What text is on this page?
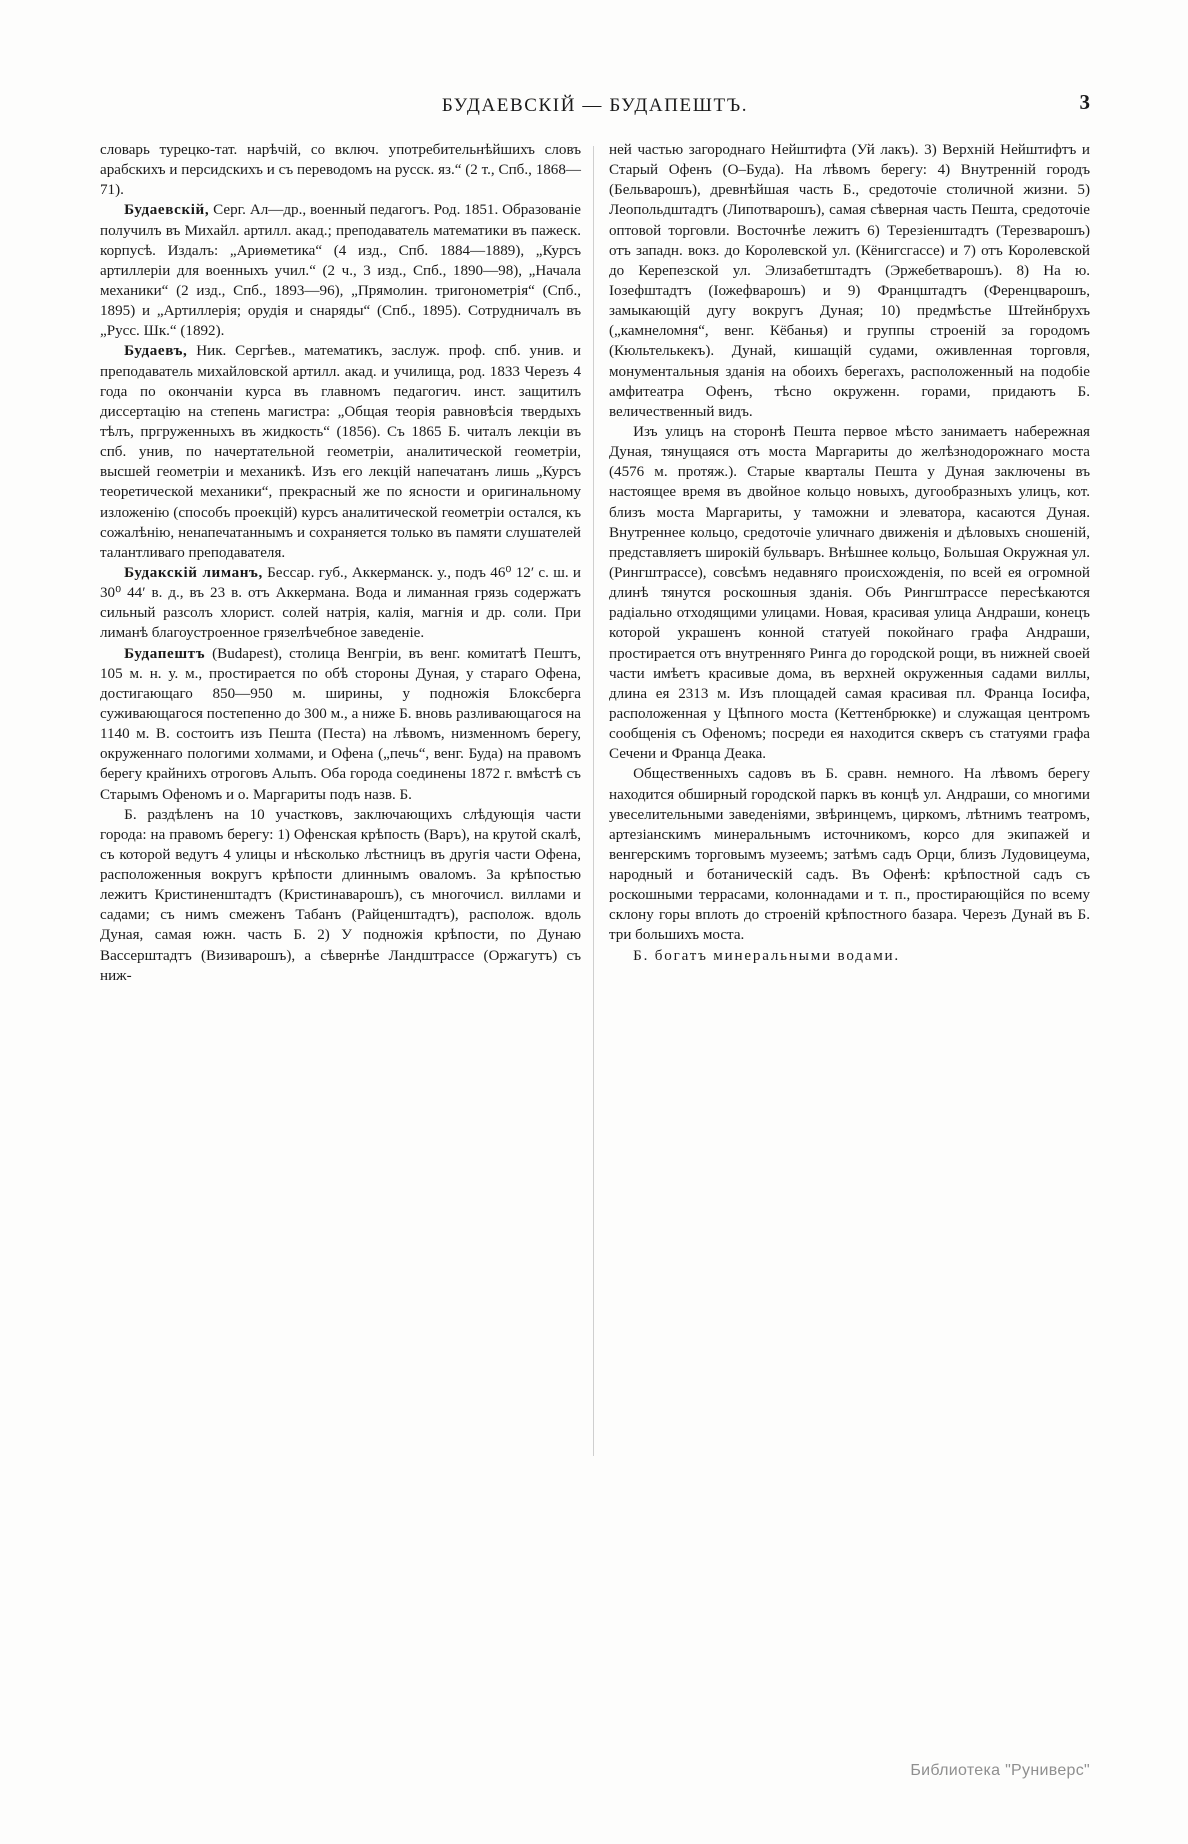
БУДАЕВСКІЙ — БУДАПЕШТЪ.	3

словарь турецко-тат. нарѣчій, со включ. употребительнѣйшихъ словъ арабскихъ и персидскихъ и съ переводомъ на русск. яз.“ (2 т., Спб., 1868—71).

Будаевскій, Серг. Ал—др., военный педагогъ. Род. 1851. Образованіе получилъ въ Михайл. артилл. акад.; преподаватель математики въ пажеск. корпусѣ. Издалъ: „Ариѳметика“ (4 изд., Спб. 1884—1889), „Курсъ артиллеріи для военныхъ учил.“ (2 ч., 3 изд., Спб., 1890—98), „Начала механики“ (2 изд., Спб., 1893—96), „Прямолин. тригонометрія“ (Спб., 1895) и „Артиллерія; орудія и снаряды“ (Спб., 1895). Сотрудничалъ въ „Русс. Шк.“ (1892).

Будаевъ, Ник. Сергѣев., математикъ, заслуж. проф. спб. унив. и преподаватель михайловской артилл. акад. и училища, род. 1833 Черезъ 4 года по окончаніи курса въ главномъ педагогич. инст. защитилъ диссертацію на степень магистра: „Общая теорія равновѣсія твердыхъ тѣлъ, пргруженныхъ въ жидкость“ (1856). Съ 1865 Б. читалъ лекціи въ спб. унив, по начертательной геометріи, аналитической геометріи, высшей геометріи и механикѣ. Изъ его лекцій напечатанъ лишь „Курсъ теоретической механики“, прекрасный же по ясности и оригинальному изложенію (способъ проекцій) курсъ аналитической геометріи остался, къ сожалѣнію, ненапечатаннымъ и сохраняется только въ памяти слушателей талантливаго преподавателя.

Будакскій лиманъ, Бессар. губ., Аккерманск. у., подъ 46⁰ 12′ с. ш. и 30⁰ 44′ в. д., въ 23 в. отъ Аккермана. Вода и лиманная грязь содержатъ сильный разсолъ хлорист. солей натрія, калія, магнія и др. соли. При лиманѣ благоустроенное грязелѣчебное заведеніе.

Будапештъ (Budapest), столица Венгріи, въ венг. комитатѣ Пештъ, 105 м. н. у. м., простирается по обѣ стороны Дуная, у стараго Офена, достигающаго 850—950 м. ширины, у подножія Блоксберга суживающагося постепенно до 300 м., а ниже Б. вновь разливающагося на 1140 м. В. состоитъ изъ Пешта (Песта) на лѣвомъ, низменномъ берегу, окруженнаго пологими холмами, и Офена („печь“, венг. Буда) на правомъ берегу крайнихъ отроговъ Альпъ. Оба города соединены 1872 г. вмѣстѣ съ Старымъ Офеномъ и о. Маргариты подъ назв. Б.

Б. раздѣленъ на 10 участковъ, заключающихъ слѣдующія части города: на правомъ берегу: 1) Офенская крѣпость (Варъ), на крутой скалѣ, съ которой ведутъ 4 улицы и нѣсколько лѣстницъ въ другія части Офена, расположенныя вокругъ крѣпости длиннымъ оваломъ. За крѣпостью лежитъ Кристиненштадтъ (Кристинаварошъ), съ многочисл. виллами и садами; съ нимъ смеженъ Табанъ (Райценштадтъ), располож. вдоль Дуная, самая южн. часть Б. 2) У подножія крѣпости, по Дунаю Вассерштадтъ (Визиварошъ), а сѣвернѣе Ландштрассе (Оржагутъ) съ ниж-

ней частью загороднаго Нейштифта (Уй лакъ). 3) Верхній Нейштифтъ и Старый Офенъ (О–Буда). На лѣвомъ берегу: 4) Внутренній городъ (Бельварошъ), древнѣйшая часть Б., средоточіе столичной жизни. 5) Леопольдштадтъ (Липотварошъ), самая сѣверная часть Пешта, средоточіе оптовой торговли. Восточнѣе лежитъ 6) Терезіенштадтъ (Терезварошъ) отъ западн. вокз. до Королевской ул. (Кёнигсгассе) и 7) отъ Королевской до Керепезской ул. Элизабетштадтъ (Эржебетварошъ). 8) На ю. Іозефштадтъ (Іожефварошъ) и 9) Францштадтъ (Ференцварошъ, замыкающій дугу вокругъ Дуная; 10) предмѣстье Штейнбрухъ („камнеломня“, венг. Кёбанья) и группы строеній за городомъ (Кюльтелькекъ). Дунай, кишащій судами, оживленная торговля, монументальныя зданія на обоихъ берегахъ, расположенный на подобіе амфитеатра Офенъ, тѣсно окруженн. горами, придаютъ Б. величественный видъ.

Изъ улицъ на сторонѣ Пешта первое мѣсто занимаетъ набережная Дуная, тянущаяся отъ моста Маргариты до желѣзнодорожнаго моста (4576 м. протяж.). Старые кварталы Пешта у Дуная заключены въ настоящее время въ двойное кольцо новыхъ, дугообразныхъ улицъ, кот. близъ моста Маргариты, у таможни и элеватора, касаются Дуная. Внутреннее кольцо, средоточіе уличнаго движенія и дѣловыхъ сношеній, представляетъ широкій бульваръ. Внѣшнее кольцо, Большая Окружная ул. (Рингштрассе), совсѣмъ недавняго происхожденія, по всей ея огромной длинѣ тянутся роскошныя зданія. Объ Рингштрассе пересѣкаются радіально отходящими улицами. Новая, красивая улица Андраши, конецъ которой украшенъ конной статуей покойнаго графа Андраши, простирается отъ внутренняго Ринга до городской рощи, въ нижней своей части имѣетъ красивые дома, въ верхней окруженныя садами виллы, длина ея 2313 м. Изъ площадей самая красивая пл. Франца Іосифа, расположенная у Цѣпного моста (Кеттенбрюкке) и служащая центромъ сообщенія съ Офеномъ; посреди ея находится скверъ съ статуями графа Сечени и Франца Деака.

Общественныхъ садовъ въ Б. сравн. немного. На лѣвомъ берегу находится обширный городской паркъ въ концѣ ул. Андраши, со многими увеселительными заведеніями, звѣринцемъ, циркомъ, лѣтнимъ театромъ, артезіанскимъ минеральнымъ источникомъ, корсо для экипажей и венгерскимъ торговымъ музеемъ; затѣмъ садъ Орци, близъ Лудовицеума, народный и ботаническій садъ. Въ Офенѣ: крѣпостной садъ съ роскошными террасами, колоннадами и т. п., простирающійся по всему склону горы вплоть до строеній крѣпостного базара. Черезъ Дунай въ Б. три большихъ моста.

Б. богатъ минеральными водами.

Библиотека "Руниверс"
